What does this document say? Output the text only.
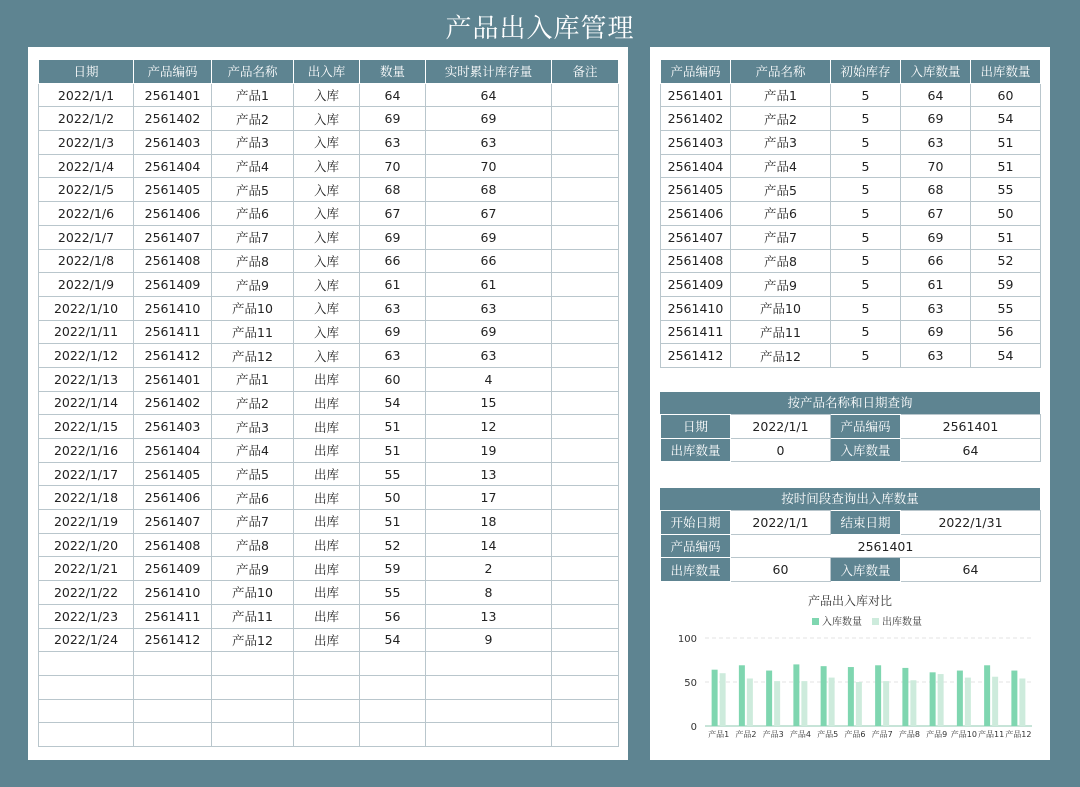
产品出入库管理
日期	产品编码	产品名称	出入库	数量	实时累计库存量	备注
2022/1/1	2561401	产品1	入库	64	64	
2022/1/2	2561402	产品2	入库	69	69	
2022/1/3	2561403	产品3	入库	63	63	
2022/1/4	2561404	产品4	入库	70	70	
2022/1/5	2561405	产品5	入库	68	68	
2022/1/6	2561406	产品6	入库	67	67	
2022/1/7	2561407	产品7	入库	69	69	
2022/1/8	2561408	产品8	入库	66	66	
2022/1/9	2561409	产品9	入库	61	61	
2022/1/10	2561410	产品10	入库	63	63	
2022/1/11	2561411	产品11	入库	69	69	
2022/1/12	2561412	产品12	入库	63	63	
2022/1/13	2561401	产品1	出库	60	4	
2022/1/14	2561402	产品2	出库	54	15	
2022/1/15	2561403	产品3	出库	51	12	
2022/1/16	2561404	产品4	出库	51	19	
2022/1/17	2561405	产品5	出库	55	13	
2022/1/18	2561406	产品6	出库	50	17	
2022/1/19	2561407	产品7	出库	51	18	
2022/1/20	2561408	产品8	出库	52	14	
2022/1/21	2561409	产品9	出库	59	2	
2022/1/22	2561410	产品10	出库	55	8	
2022/1/23	2561411	产品11	出库	56	13	
2022/1/24	2561412	产品12	出库	54	9	

产品编码	产品名称	初始库存	入库数量	出库数量
2561401	产品1	5	64	60
2561402	产品2	5	69	54
2561403	产品3	5	63	51
2561404	产品4	5	70	51
2561405	产品5	5	68	55
2561406	产品6	5	67	50
2561407	产品7	5	69	51
2561408	产品8	5	66	52
2561409	产品9	5	61	59
2561410	产品10	5	63	55
2561411	产品11	5	69	56
2561412	产品12	5	63	54
按产品名称和日期查询
日期	2022/1/1	产品编码	2561401
出库数量	0	入库数量	64
按时间段查询出入库数量
开始日期	2022/1/1	结束日期	2022/1/31
产品编码	2561401		
出库数量	60	入库数量	64
产品出入库对比
0
50
100
入库数量 出库数量
产品1 产品2 产品3 产品4 产品5 产品6 产品7 产品8 产品9 产品10 产品11 产品12
